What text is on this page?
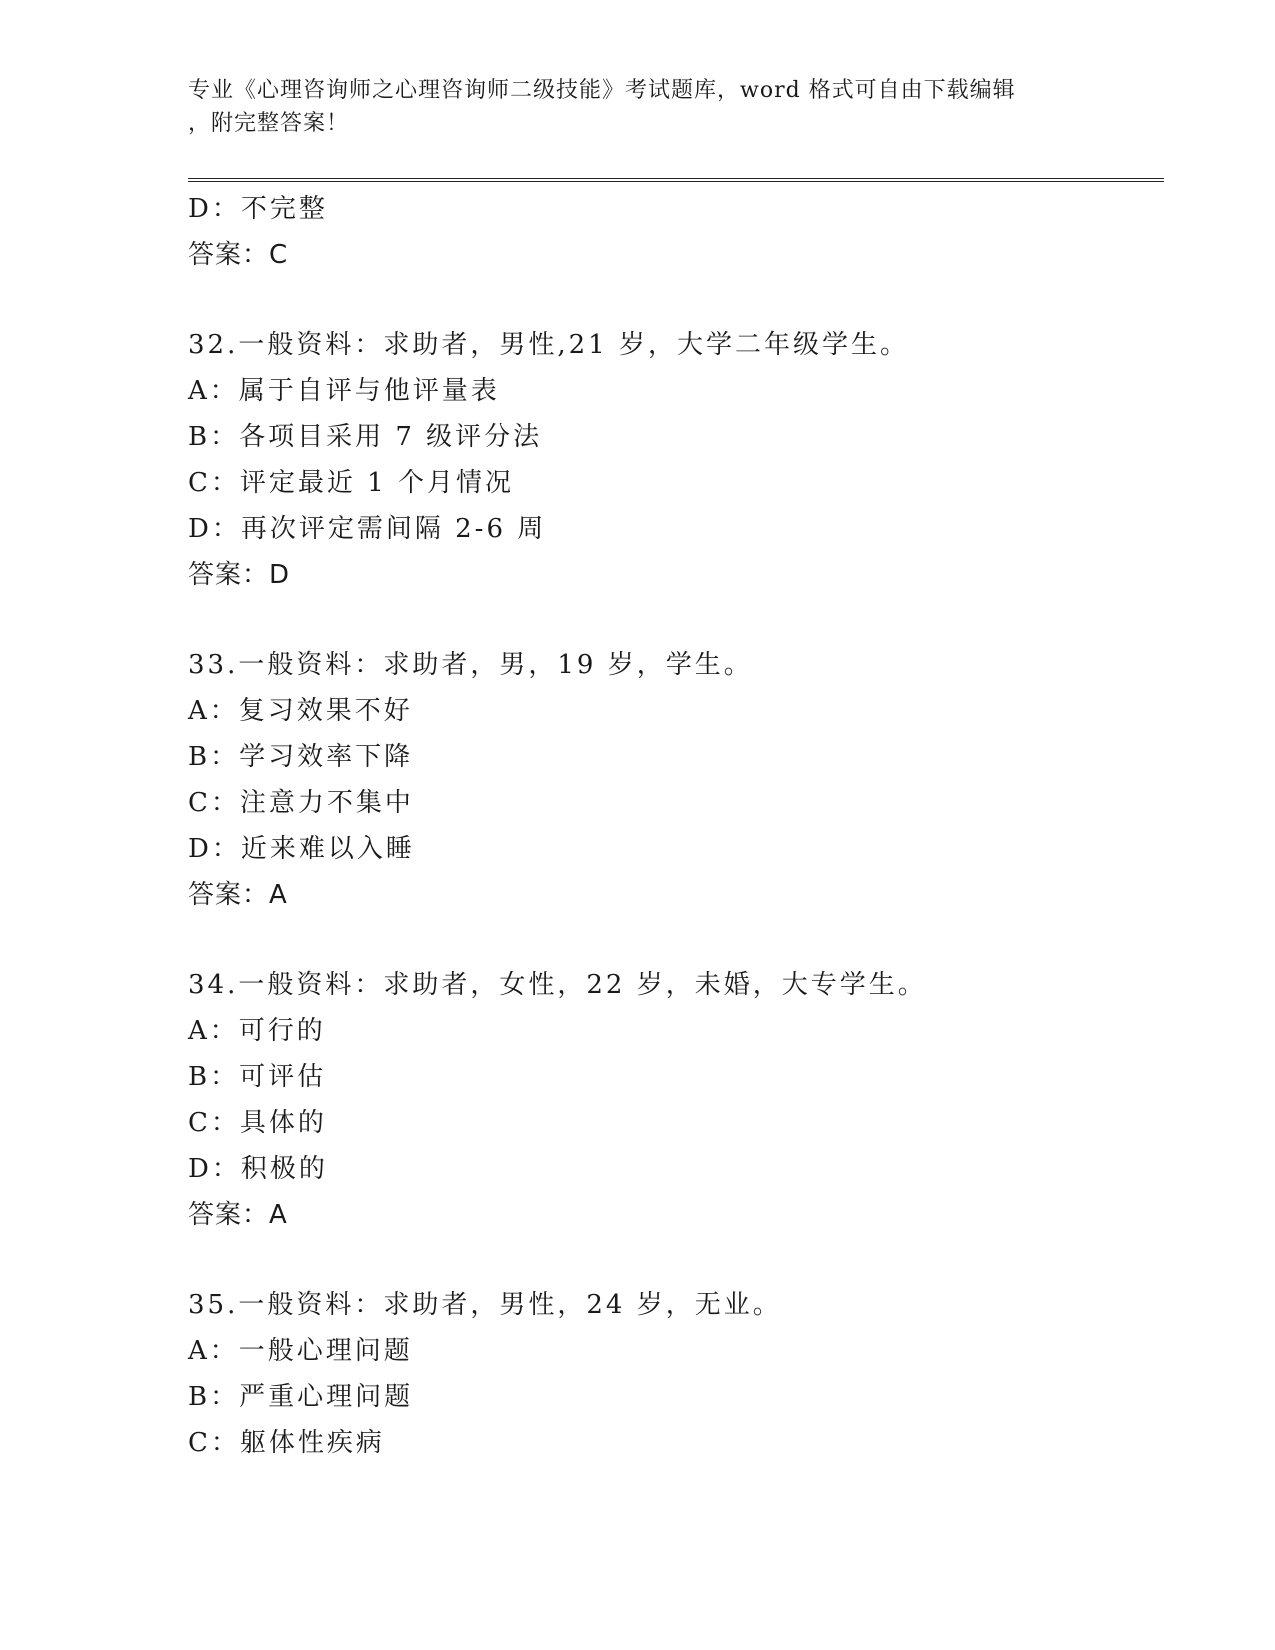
专业《心理咨询师之心理咨询师二级技能》考试题库，word 格式可自由下载编辑
，附完整答案！
D：不完整
答案：C
32.一般资料：求助者，男性,21 岁，大学二年级学生。
A：属于自评与他评量表
B：各项目采用 7 级评分法
C：评定最近 1 个月情况
D：再次评定需间隔 2-6 周
答案：D
33.一般资料：求助者，男，19 岁，学生。
A：复习效果不好
B：学习效率下降
C：注意力不集中
D：近来难以入睡
答案：A
34.一般资料：求助者，女性，22 岁，未婚，大专学生。
A：可行的
B：可评估
C：具体的
D：积极的
答案：A
35.一般资料：求助者，男性，24 岁，无业。
A：一般心理问题
B：严重心理问题
C：躯体性疾病
